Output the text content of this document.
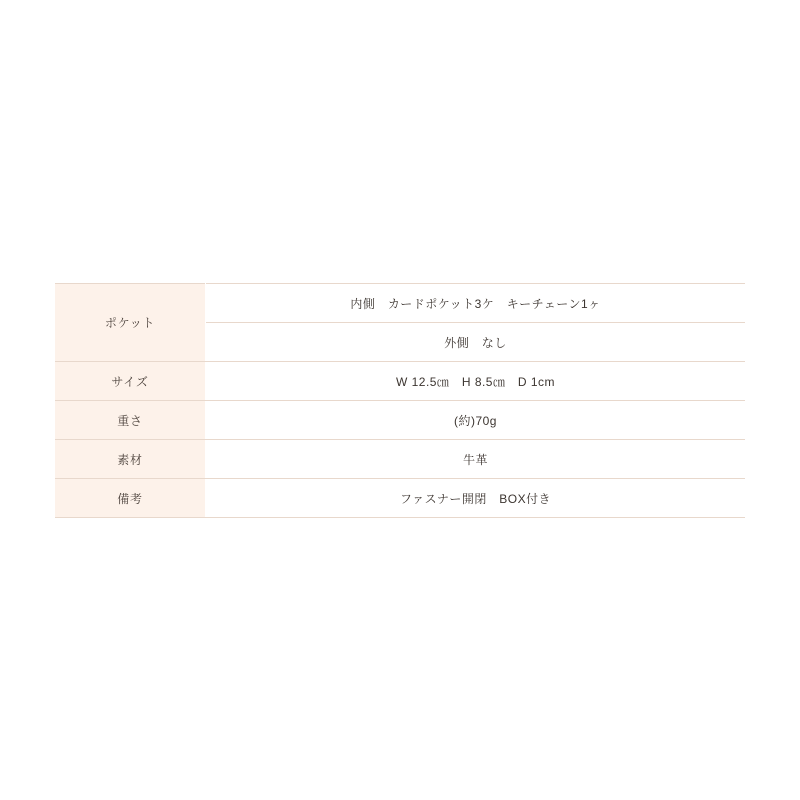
ポケット	内側　カードポケット3ケ　キーチェーン1ヶ
外側　なし

サイズ	W 12.5㎝　H 8.5㎝　D 1cm
重さ	(約)70g
素材	牛革
備考	ファスナー開閉　BOX付き
